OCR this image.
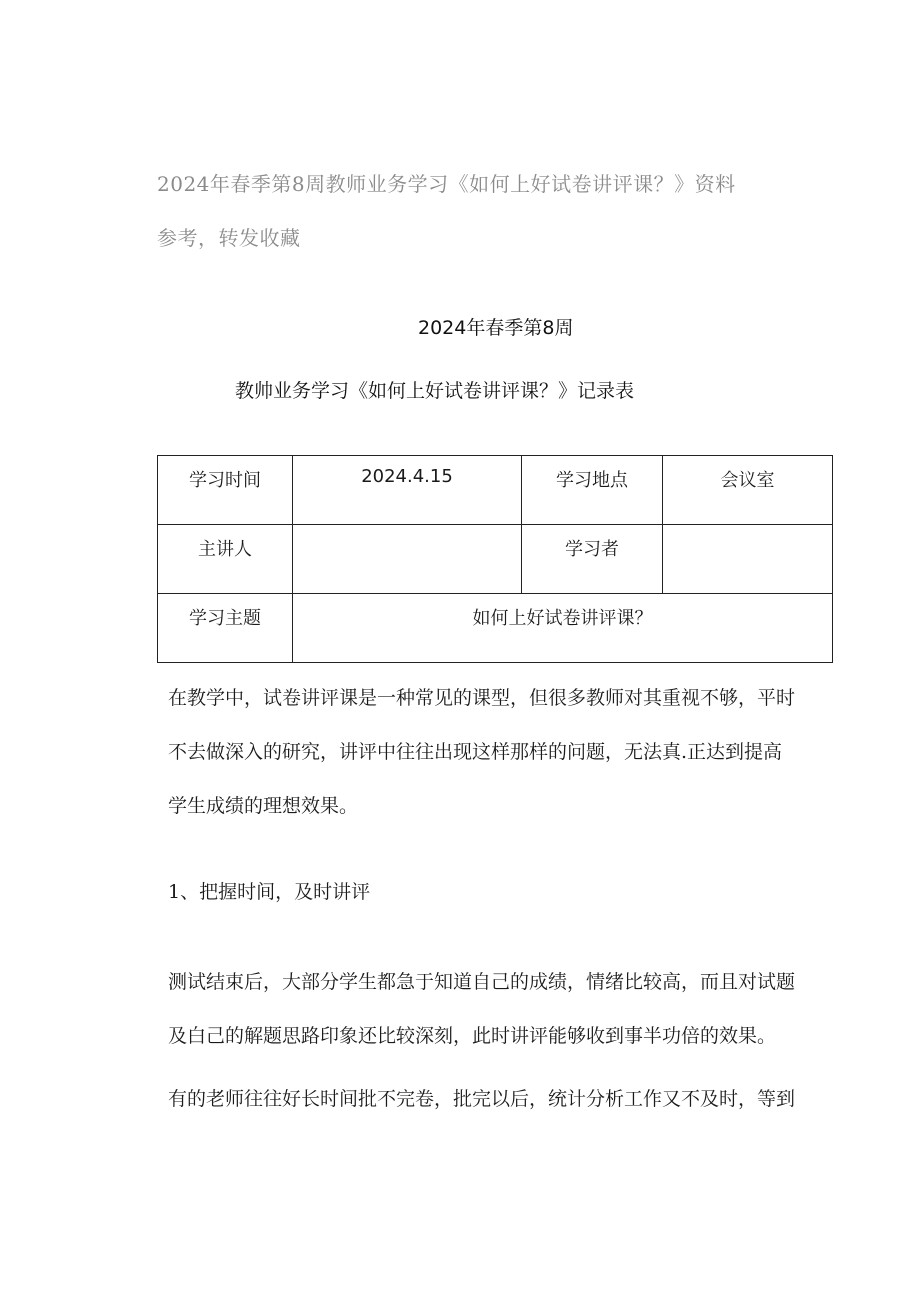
2024年春季第8周教师业务学习《如何上好试卷讲评课？》资料
参考，转发收藏
2024年春季第8周
教帅业务学习《如何上好试卷讲评课？》记录表
学习时间	2024.4.15	学习地点	会议室
主讲人		学习者	
学习主题	如何上好试卷讲评课？		
在教学中，试卷讲评课是一种常见的课型，但很多教师对其重视不够，平时
不去做深入的研究，讲评中往往出现这样那样的问题，无法真.正达到提高
学生成绩的理想效果。
1、把握时间，及时讲评
测试结束后，大部分学生都急于知道自己的成绩，情绪比较高，而且对试题
及白己的解题思路印象还比较深刻，此时讲评能够收到事半功倍的效果。
有的老师往往好长时间批不完卷，批完以后，统计分析工作又不及时，等到
